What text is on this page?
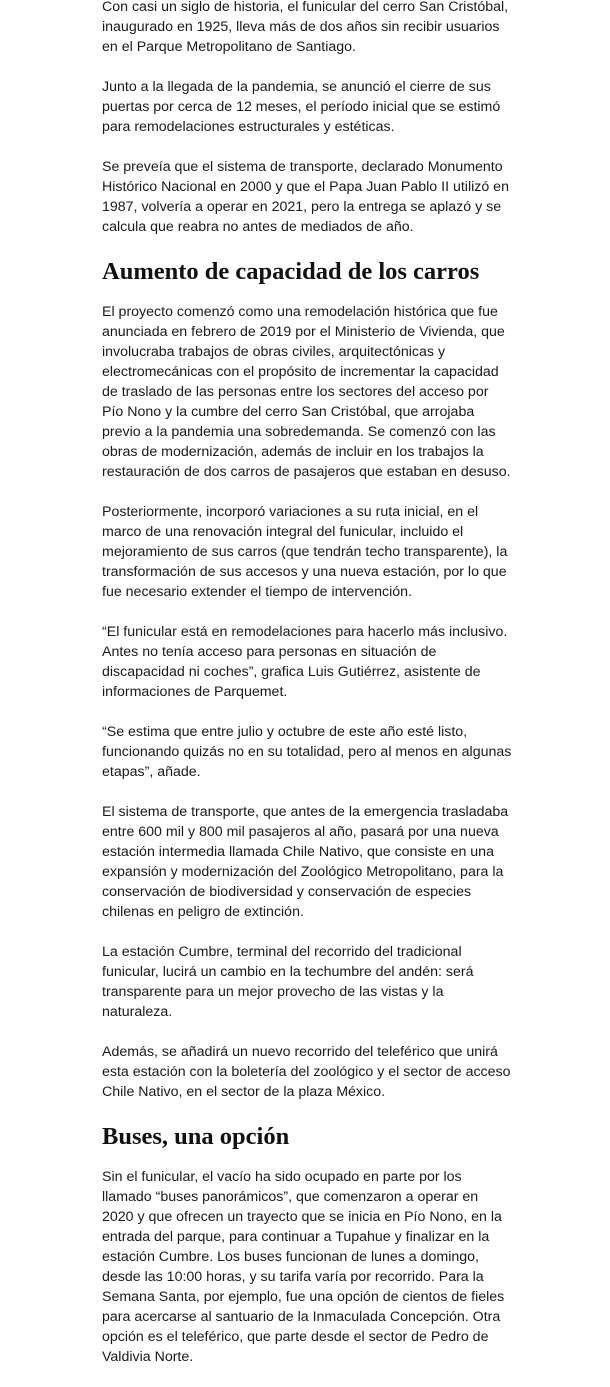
Con casi un siglo de historia, el funicular del cerro San Cristóbal, inaugurado en 1925, lleva más de dos años sin recibir usuarios en el Parque Metropolitano de Santiago.

Junto a la llegada de la pandemia, se anunció el cierre de sus puertas por cerca de 12 meses, el período inicial que se estimó para remodelaciones estructurales y estéticas.

Se preveía que el sistema de transporte, declarado Monumento Histórico Nacional en 2000 y que el Papa Juan Pablo II utilizó en 1987, volvería a operar en 2021, pero la entrega se aplazó y se calcula que reabra no antes de mediados de año.

Aumento de capacidad de los carros

El proyecto comenzó como una remodelación histórica que fue anunciada en febrero de 2019 por el Ministerio de Vivienda, que involucraba trabajos de obras civiles, arquitectónicas y electromecánicas con el propósito de incrementar la capacidad de traslado de las personas entre los sectores del acceso por Pío Nono y la cumbre del cerro San Cristóbal, que arrojaba previo a la pandemia una sobredemanda. Se comenzó con las obras de modernización, además de incluir en los trabajos la restauración de dos carros de pasajeros que estaban en desuso.

Posteriormente, incorporó variaciones a su ruta inicial, en el marco de una renovación integral del funicular, incluido el mejoramiento de sus carros (que tendrán techo transparente), la transformación de sus accesos y una nueva estación, por lo que fue necesario extender el tiempo de intervención.

“El funicular está en remodelaciones para hacerlo más inclusivo. Antes no tenía acceso para personas en situación de discapacidad ni coches”, grafica Luis Gutiérrez, asistente de informaciones de Parquemet.

“Se estima que entre julio y octubre de este año esté listo, funcionando quizás no en su totalidad, pero al menos en algunas etapas”, añade.

El sistema de transporte, que antes de la emergencia trasladaba entre 600 mil y 800 mil pasajeros al año, pasará por una nueva estación intermedia llamada Chile Nativo, que consiste en una expansión y modernización del Zoológico Metropolitano, para la conservación de biodiversidad y conservación de especies chilenas en peligro de extinción.

La estación Cumbre, terminal del recorrido del tradicional funicular, lucirá un cambio en la techumbre del andén: será transparente para un mejor provecho de las vistas y la naturaleza.

Además, se añadirá un nuevo recorrido del teleférico que unirá esta estación con la boletería del zoológico y el sector de acceso Chile Nativo, en el sector de la plaza México.

Buses, una opción

Sin el funicular, el vacío ha sido ocupado en parte por los llamado “buses panorámicos”, que comenzaron a operar en 2020 y que ofrecen un trayecto que se inicia en Pío Nono, en la entrada del parque, para continuar a Tupahue y finalizar en la estación Cumbre. Los buses funcionan de lunes a domingo, desde las 10:00 horas, y su tarifa varía por recorrido. Para la Semana Santa, por ejemplo, fue una opción de cientos de fieles para acercarse al santuario de la Inmaculada Concepción. Otra opción es el teleférico, que parte desde el sector de Pedro de Valdivia Norte.
